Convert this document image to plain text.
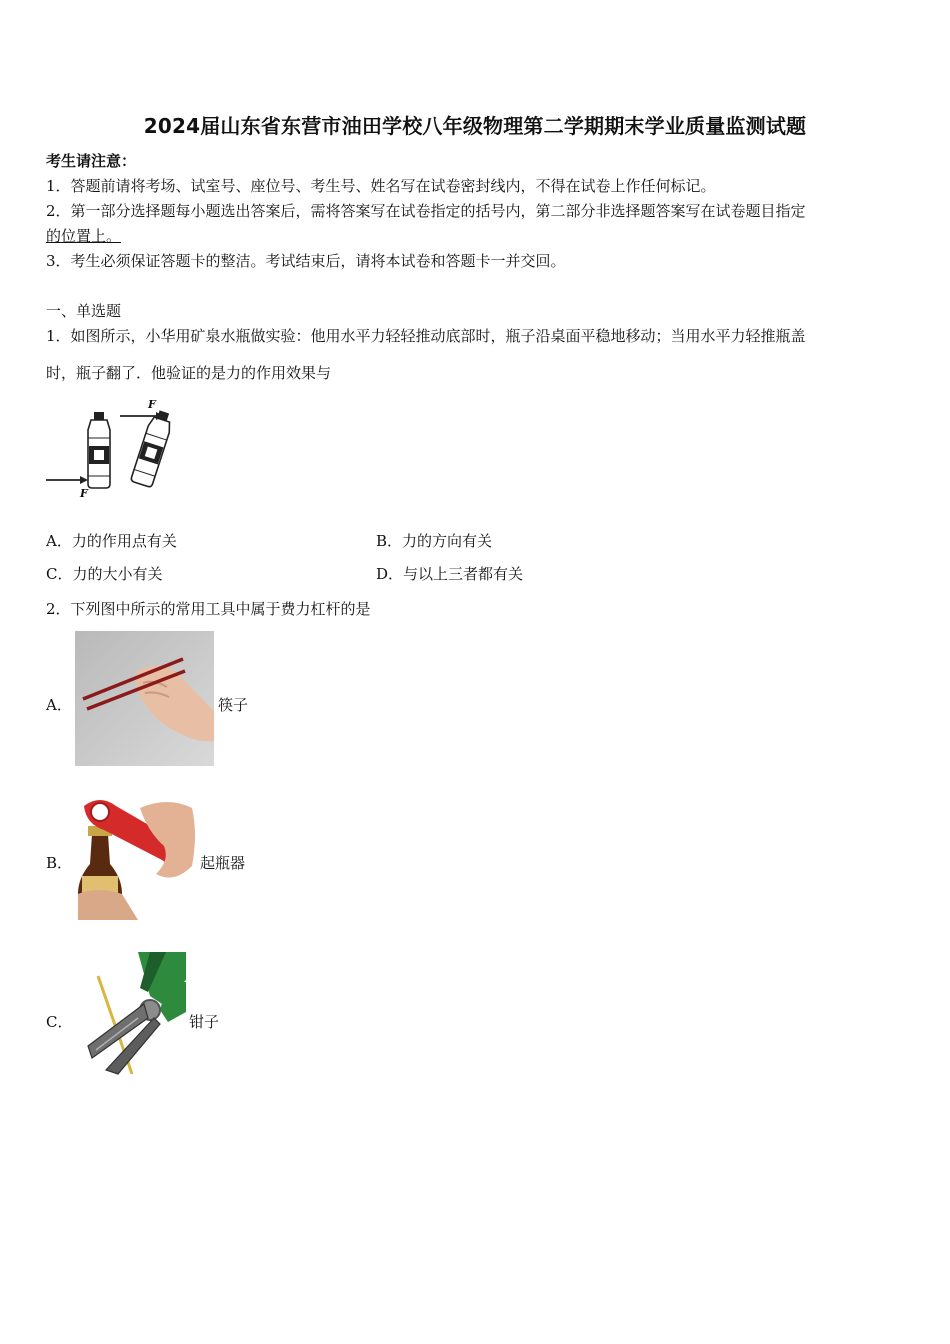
2024届山东省东营市油田学校八年级物理第二学期期末学业质量监测试题
考生请注意：
1．答题前请将考场、试室号、座位号、考生号、姓名写在试卷密封线内，不得在试卷上作任何标记。
2．第一部分选择题每小题选出答案后，需将答案写在试卷指定的括号内，第二部分非选择题答案写在试卷题目指定
的位置上。
3．考生必须保证答题卡的整洁。考试结束后，请将本试卷和答题卡一并交回。
一、单选题
1．如图所示，小华用矿泉水瓶做实验：他用水平力轻轻推动底部时，瓶子沿桌面平稳地移动；当用水平力轻推瓶盖
时，瓶子翻了．他验证的是力的作用效果与
F
F
A．力的作用点有关	B．力的方向有关
C．力的大小有关	D．与以上三者都有关
2．下列图中所示的常用工具中属于费力杠杆的是
A．	筷子
B．	起瓶器
C．	钳子
